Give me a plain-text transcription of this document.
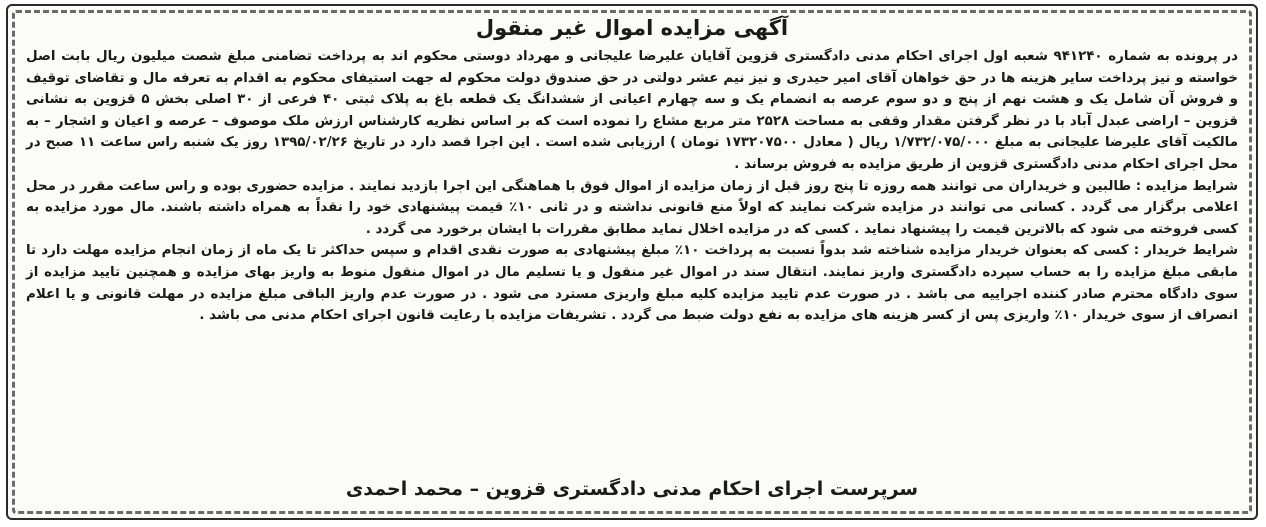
آگهی مزایده اموال غیر منقول

در پرونده به شماره ۹۴۱۲۴۰ شعبه اول اجرای احکام مدنی دادگستری قزوین آقایان علیرضا علیجانی و مهرداد دوستی محکوم اند به پرداخت تضامنی مبلغ شصت میلیون ریال بابت اصل خواسته و نیز پرداخت سایر هزینه ها در حق خواهان آقای امیر حیدری و نیز نیم عشر دولتی در حق صندوق دولت محکوم له جهت استیفای محکوم به اقدام به تعرفه مال و تقاضای توقیف و فروش آن شامل یک و هشت نهم از پنج و دو سوم عرصه به انضمام یک و سه چهارم اعیانی از ششدانگ یک قطعه باغ به پلاک ثبتی ۴۰ فرعی از ۳۰ اصلی بخش ۵ قزوین به نشانی قزوین – اراضی عبدل آباد با در نظر گرفتن مقدار وقفی به مساحت ۲۵۲۸ متر مربع مشاع را نموده است که بر اساس نظریه کارشناس ارزش ملک موصوف – عرصه و اعیان و اشجار – به مالکیت آقای علیرضا علیجانی به مبلغ ۱/۷۳۲/۰۷۵/۰۰۰ ریال ( معادل ۱۷۳۲۰۷۵۰۰ تومان ) ارزیابی شده است . این اجرا قصد دارد در تاریخ ۱۳۹۵/۰۲/۲۶ روز یک شنبه راس ساعت ۱۱ صبح در محل اجرای احکام مدنی دادگستری قزوین از طریق مزایده به فروش برساند .

شرایط مزایده : طالبین و خریداران می توانند همه روزه تا پنج روز قبل از زمان مزایده از اموال فوق با هماهنگی این اجرا بازدید نمایند . مزایده حضوری بوده و راس ساعت مقرر در محل اعلامی برگزار می گردد . کسانی می توانند در مزایده شرکت نمایند که اولاً منع قانونی نداشته و در ثانی ۱۰٪ قیمت پیشنهادی خود را نقداً به همراه داشته باشند. مال مورد مزایده به کسی فروخته می شود که بالاترین قیمت را پیشنهاد نماید . کسی که در مزایده اخلال نماید مطابق مقررات با ایشان برخورد می گردد .

شرایط خریدار : کسی که بعنوان خریدار مزایده شناخته شد بدواً نسبت به پرداخت ۱۰٪ مبلغ پیشنهادی به صورت نقدی اقدام و سپس حداکثر تا یک ماه از زمان انجام مزایده مهلت دارد تا مابقی مبلغ مزایده را به حساب سپرده دادگستری واریز نمایند. انتقال سند در اموال غیر منقول و یا تسلیم مال در اموال منقول منوط به واریز بهای مزایده و همچنین تایید مزایده از سوی دادگاه محترم صادر کننده اجراییه می باشد . در صورت عدم تایید مزایده کلیه مبلغ واریزی مسترد می شود . در صورت عدم واریز الباقی مبلغ مزایده در مهلت قانونی و یا اعلام انصراف از سوی خریدار ۱۰٪ واریزی پس از کسر هزینه های مزایده به نفع دولت ضبط می گردد . تشریفات مزایده با رعایت قانون اجرای احکام مدنی می باشد .

سرپرست اجرای احکام مدنی دادگستری قزوین – محمد احمدی
